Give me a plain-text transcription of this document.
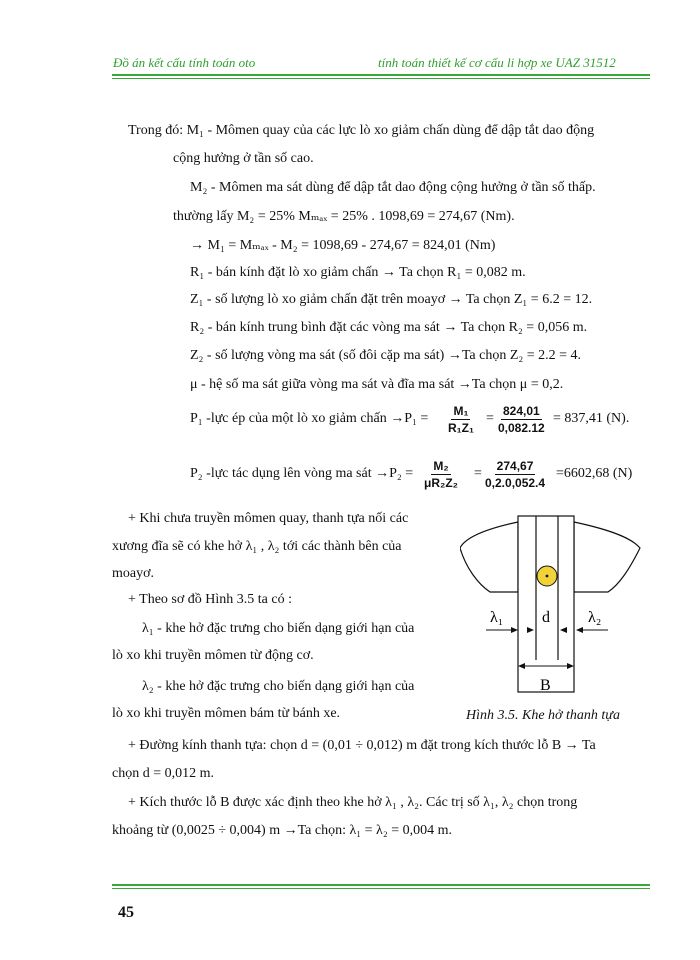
Đồ án kết cấu tính toán oto	tính toán thiết kế cơ cấu li hợp xe UAZ 31512
Trong đó: M₁ - Mômen quay của các lực lò xo giảm chấn dùng để dập tắt dao động
cộng hưởng ở tần số cao.
M₂ - Mômen ma sát dùng để dập tắt dao động cộng hưởng ở tần số thấp.
thường lấy M₂ = 25% Mₘₐₓ = 25% . 1098,69 = 274,67 (Nm).
→ M₁ = Mₘₐₓ - M₂ = 1098,69 - 274,67 = 824,01 (Nm)
R₁ - bán kính đặt lò xo giảm chấn → Ta chọn R₁ = 0,082 m.
Z₁ - số lượng lò xo giảm chấn đặt trên moayơ → Ta chọn Z₁ = 6.2 = 12.
R₂ - bán kính trung bình đặt các vòng ma sát → Ta chọn R₂ = 0,056 m.
Z₂ - số lượng vòng ma sát (số đôi cặp ma sát) →Ta chọn Z₂ = 2.2 = 4.
μ - hệ số ma sát giữa vòng ma sát và đĩa ma sát →Ta chọn μ = 0,2.
P₁ -lực ép của một lò xo giảm chấn $\to P_1 = \frac{\text{M₁}}{\text{R₁Z₁}} = \frac{824,01}{0,082.12} = 837,41$ (N).
P₂ -lực tác dụng lên vòng ma sát $\to P_2 = \frac{\text{M₂}}{\text{μR₂Z₂}} = \frac{274,67}{0,2.0,052.4} =6602,68$ (N)
+ Khi chưa truyền mômen quay, thanh tựa nối các
xương đĩa sẽ có khe hở λ₁ , λ₂ tới các thành bên của
moayơ.
+ Theo sơ đồ Hình 3.5 ta có :
λ₁ - khe hở đặc trưng cho biến dạng giới hạn của
lò xo khi truyền mômen từ động cơ.
λ₂ - khe hở đặc trưng cho biến dạng giới hạn của
lò xo khi truyền mômen bám từ bánh xe.
λ₁ d λ₂
B
Hình 3.5. Khe hở thanh tựa
+ Đường kính thanh tựa: chọn d = (0,01 ÷ 0,012) m đặt trong kích thước lỗ B → Ta
chọn d = 0,012 m.
+ Kích thước lỗ B được xác định theo khe hở λ₁ , λ₂. Các trị số λ₁, λ₂ chọn trong
khoảng từ (0,0025 ÷ 0,004) m →Ta chọn: λ₁ = λ₂ = 0,004 m.
45
